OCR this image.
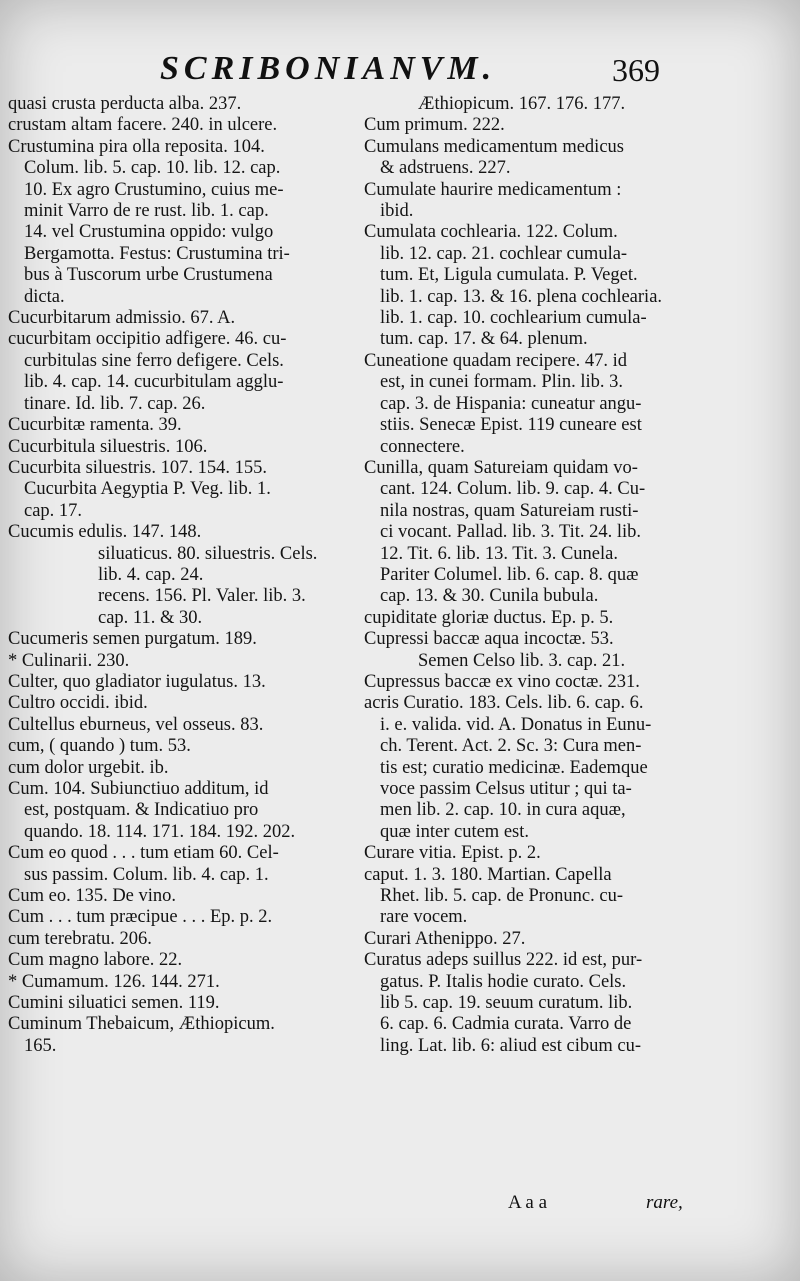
SCRIBONIANVM.	369

quasi crusta perducta alba. 237.

crustam altam facere. 240. in ulcere.

Crustumina pira olla reposita. 104.

Colum. lib. 5. cap. 10. lib. 12. cap.

10. Ex agro Crustumino, cuius me-

minit Varro de re rust. lib. 1. cap.

14. vel Crustumina oppido: vulgo

Bergamotta. Festus: Crustumina tri-

bus à Tuscorum urbe Crustumena

dicta.

Cucurbitarum admissio. 67. A.

cucurbitam occipitio adfigere. 46. cu-

curbitulas sine ferro defigere. Cels.

lib. 4. cap. 14. cucurbitulam agglu-

tinare. Id. lib. 7. cap. 26.

Cucurbitæ ramenta. 39.

Cucurbitula siluestris. 106.

Cucurbita siluestris. 107. 154. 155.

Cucurbita Aegyptia P. Veg. lib. 1.

cap. 17.

Cucumis edulis. 147. 148.

siluaticus. 80. siluestris. Cels.

lib. 4. cap. 24.

recens. 156. Pl. Valer. lib. 3.

cap. 11. & 30.

Cucumeris semen purgatum. 189.

* Culinarii. 230.

Culter, quo gladiator iugulatus. 13.

Cultro occidi. ibid.

Cultellus eburneus, vel osseus. 83.

cum, ( quando ) tum. 53.

cum dolor urgebit. ib.

Cum. 104. Subiunctiuo additum, id

est, postquam. & Indicatiuo pro

quando. 18. 114. 171. 184. 192. 202.

Cum eo quod . . . tum etiam 60. Cel-

sus passim. Colum. lib. 4. cap. 1.

Cum eo. 135. De vino.

Cum . . . tum præcipue . . . Ep. p. 2.

cum terebratu. 206.

Cum magno labore. 22.

* Cumamum. 126. 144. 271.

Cumini siluatici semen. 119.

Cuminum Thebaicum, Æthiopicum.

165.

Æthiopicum. 167. 176. 177.

Cum primum. 222.

Cumulans medicamentum medicus

& adstruens. 227.

Cumulate haurire medicamentum :

ibid.

Cumulata cochlearia. 122. Colum.

lib. 12. cap. 21. cochlear cumula-

tum. Et, Ligula cumulata. P. Veget.

lib. 1. cap. 13. & 16. plena cochlearia.

lib. 1. cap. 10. cochlearium cumula-

tum. cap. 17. & 64. plenum.

Cuneatione quadam recipere. 47. id

est, in cunei formam. Plin. lib. 3.

cap. 3. de Hispania: cuneatur angu-

stiis. Senecæ Epist. 119 cuneare est

connectere.

Cunilla, quam Satureiam quidam vo-

cant. 124. Colum. lib. 9. cap. 4. Cu-

nila nostras, quam Satureiam rusti-

ci vocant. Pallad. lib. 3. Tit. 24. lib.

12. Tit. 6. lib. 13. Tit. 3. Cunela.

Pariter Columel. lib. 6. cap. 8. quæ

cap. 13. & 30. Cunila bubula.

cupiditate gloriæ ductus. Ep. p. 5.

Cupressi baccæ aqua incoctæ. 53.

Semen Celso lib. 3. cap. 21.

Cupressus baccæ ex vino coctæ. 231.

acris Curatio. 183. Cels. lib. 6. cap. 6.

i. e. valida. vid. A. Donatus in Eunu-

ch. Terent. Act. 2. Sc. 3: Cura men-

tis est; curatio medicinæ. Eademque

voce passim Celsus utitur ; qui ta-

men lib. 2. cap. 10. in cura aquæ,

quæ inter cutem est.

Curare vitia. Epist. p. 2.

caput. 1. 3. 180. Martian. Capella

Rhet. lib. 5. cap. de Pronunc. cu-

rare vocem.

Curari Athenippo. 27.

Curatus adeps suillus 222. id est, pur-

gatus. P. Italis hodie curato. Cels.

lib 5. cap. 19. seuum curatum. lib.

6. cap. 6. Cadmia curata. Varro de

ling. Lat. lib. 6: aliud est cibum cu-

A a a	rare,
